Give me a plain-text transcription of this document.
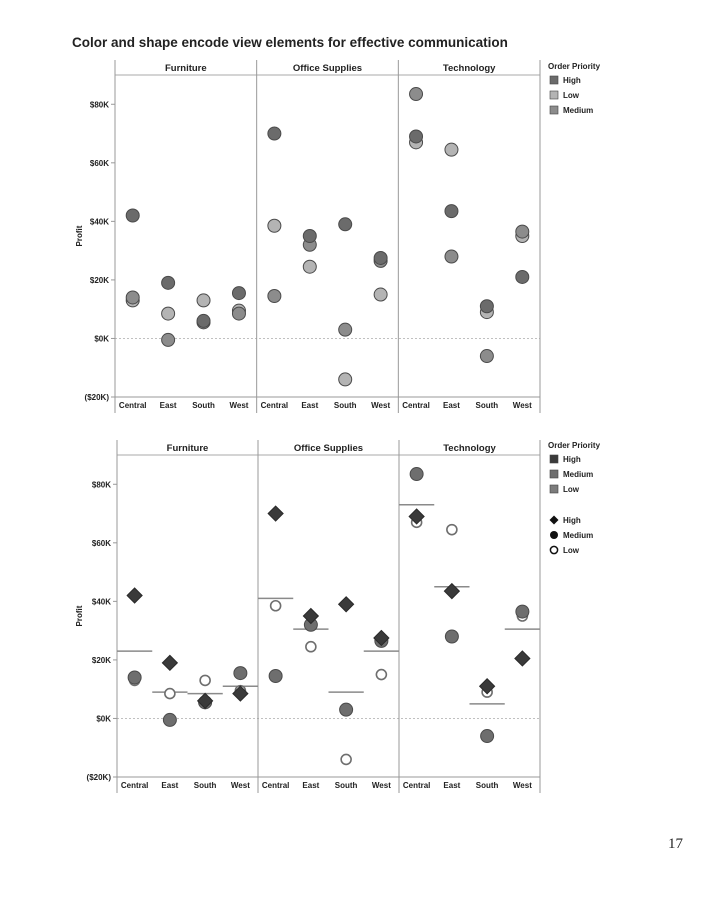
Color and shape encode view elements for effective communication
Furniture
Central East South West
Office Supplies
Central East South West
Technology
Central East South West
($20K)
$0K
$20K
$40K
$60K
$80K
Profit
Order Priority
High
Low
Medium
Furniture
Central East South West
Office Supplies
Central East South West
Technology
Central East South West
($20K)
$0K
$20K
$40K
$60K
$80K
Profit
Order Priority
High
Medium
Low
High
Medium
Low
17
